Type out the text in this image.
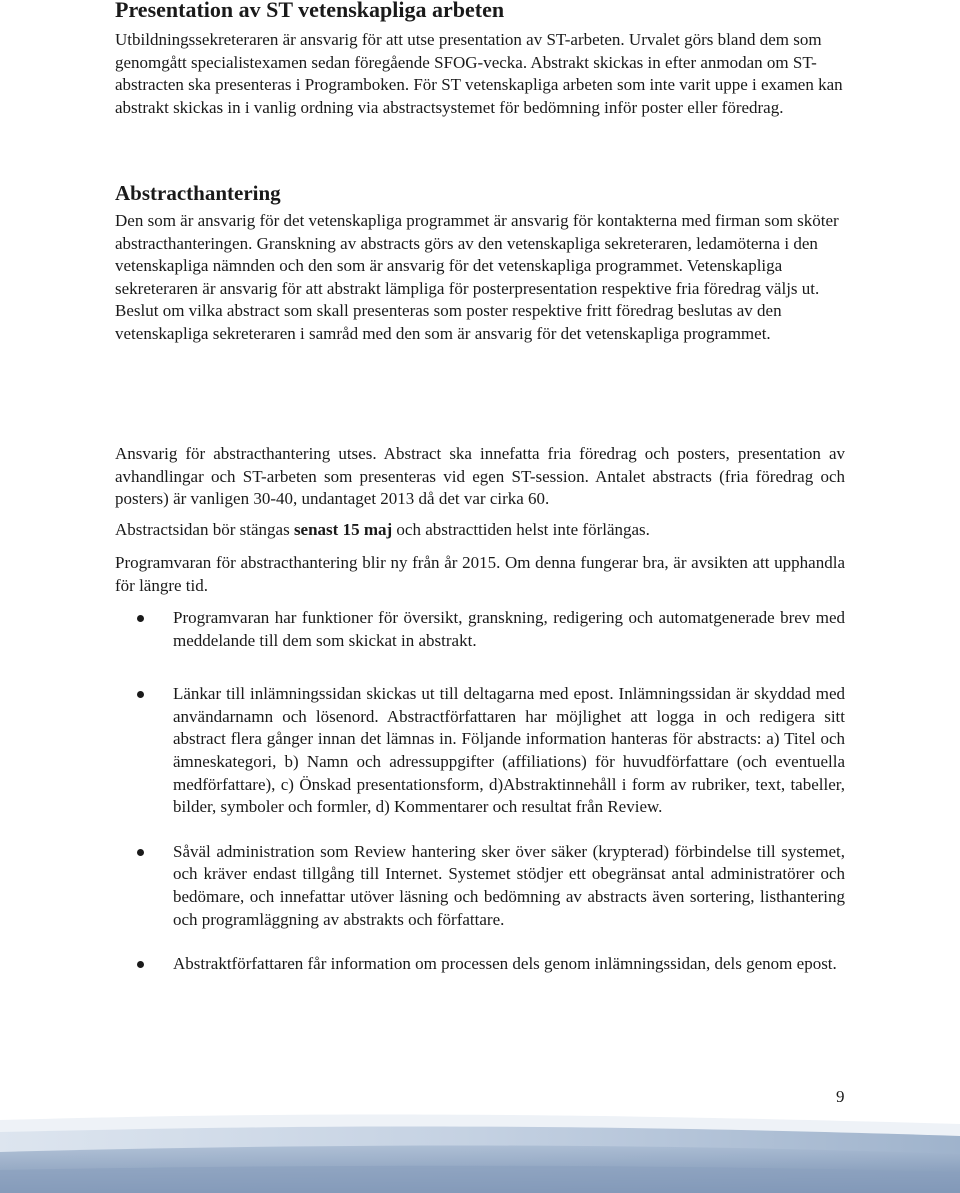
Presentation av ST vetenskapliga arbeten

Utbildningssekreteraren är ansvarig för att utse presentation av ST-arbeten. Urvalet görs bland dem som genomgått specialistexamen sedan föregående SFOG-vecka. Abstrakt skickas in efter anmodan om ST-abstracten ska presenteras i Programboken. För ST vetenskapliga arbeten som inte varit uppe i examen kan abstrakt skickas in i vanlig ordning via abstractsystemet för bedömning inför poster eller föredrag.

Abstracthantering

Den som är ansvarig för det vetenskapliga programmet är ansvarig för kontakterna med firman som sköter abstracthanteringen. Granskning av abstracts görs av den vetenskapliga sekreteraren, ledamöterna i den vetenskapliga nämnden och den som är ansvarig för det vetenskapliga programmet. Vetenskapliga sekreteraren är ansvarig för att abstrakt lämpliga för posterpresentation respektive fria föredrag väljs ut. Beslut om vilka abstract som skall presenteras som poster respektive fritt föredrag beslutas av den vetenskapliga sekreteraren i samråd med den som är ansvarig för det vetenskapliga programmet.

Ansvarig för abstracthantering utses. Abstract ska innefatta fria föredrag och posters, presentation av avhandlingar och ST-arbeten som presenteras vid egen ST-session. Antalet abstracts (fria föredrag och posters) är vanligen 30-40, undantaget 2013 då det var cirka 60.

Abstractsidan bör stängas senast 15 maj och abstracttiden helst inte förlängas.

Programvaran för abstracthantering blir ny från år 2015. Om denna fungerar bra, är avsikten att upphandla för längre tid.

Programvaran har funktioner för översikt, granskning, redigering och automatgenerade brev med meddelande till dem som skickat in abstrakt.
Länkar till inlämningssidan skickas ut till deltagarna med epost. Inlämningssidan är skyddad med användarnamn och lösenord. Abstractförfattaren har möjlighet att logga in och redigera sitt abstract flera gånger innan det lämnas in. Följande information hanteras för abstracts: a) Titel och ämneskategori, b) Namn och adressuppgifter (affiliations) för huvudförfattare (och eventuella medförfattare), c) Önskad presentationsform, d)Abstraktinnehåll i form av rubriker, text, tabeller, bilder, symboler och formler, d) Kommentarer och resultat från Review.
Såväl administration som Review hantering sker över säker (krypterad) förbindelse till systemet, och kräver endast tillgång till Internet. Systemet stödjer ett obegränsat antal administratörer och bedömare, och innefattar utöver läsning och bedömning av abstracts även sortering, listhantering och programläggning av abstrakts och författare.
Abstraktförfattaren får information om processen dels genom inlämningssidan, dels genom epost.
9
